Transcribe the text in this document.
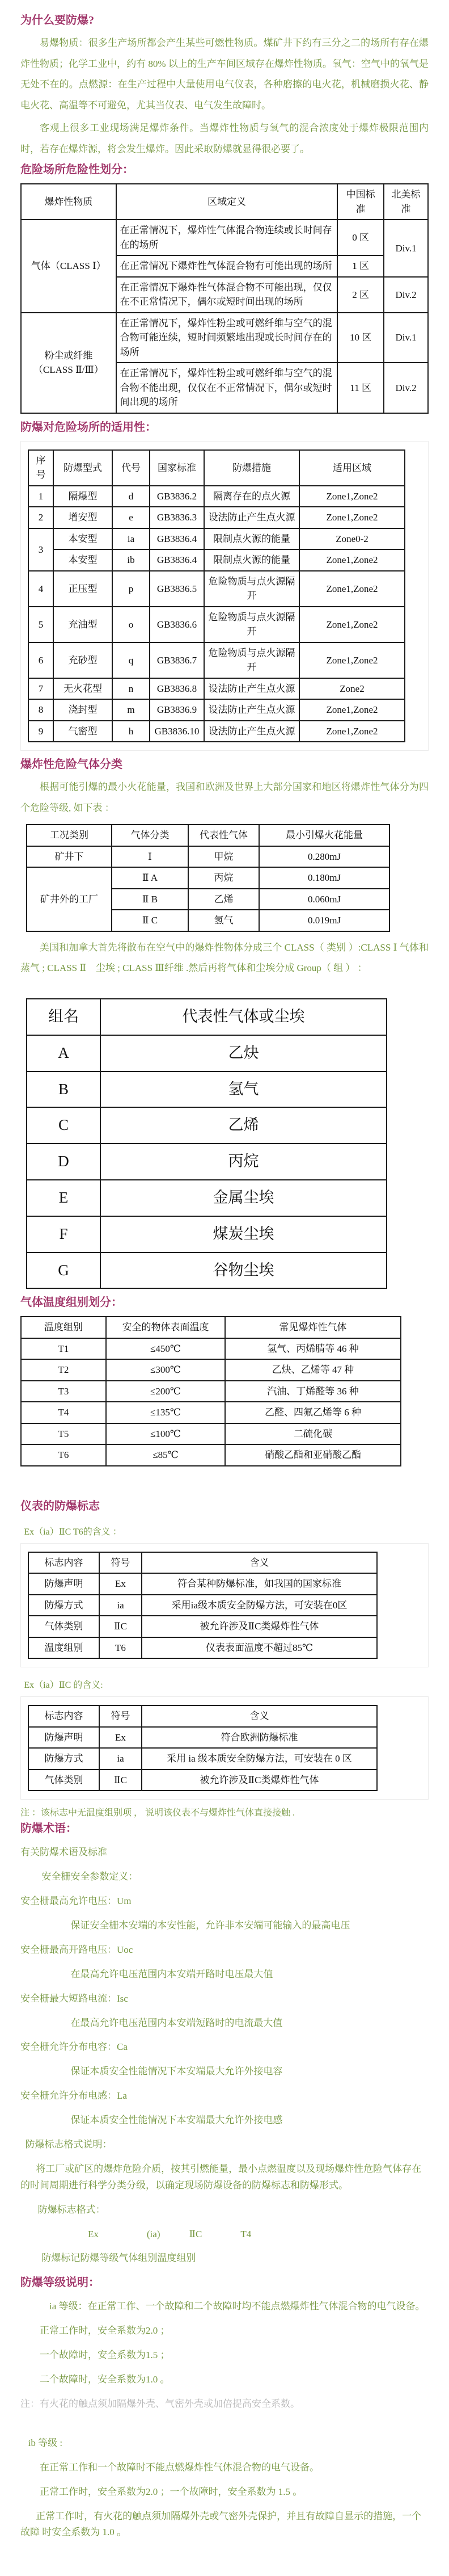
为什么要防爆?

易爆物质：很多生产场所都会产生某些可燃性物质。煤矿井下约有三分之二的场所有存在爆炸性物质；化学工业中，约有 80% 以上的生产车间区域存在爆炸性物质。氧气：空气中的氧气是无处不在的。点燃源：在生产过程中大量使用电气仪表，各种磨擦的电火花，机械磨损火花、静电火花、高温等不可避免，尤其当仪表、电气发生故障时。

客观上很多工业现场满足爆炸条件。当爆炸性物质与氧气的混合浓度处于爆炸极限范围内时，若存在爆炸源，将会发生爆炸。因此采取防爆就显得很必要了。

危险场所危险性划分：
爆炸性物质	区域定义	中国标准	北美标准
气体（CLASS Ⅰ）	在正常情况下，爆炸性气体混合物连续或长时间存在的场所	0 区	Div.1
	在正常情况下爆炸性气体混合物有可能出现的场所	1 区	
	在正常情况下爆炸性气体混合物不可能出现，仅仅在不正常情况下，偶尔或短时间出现的场所	2 区	Div.2
粉尘或纤维（CLASS Ⅱ/Ⅲ）	在正常情况下，爆炸性粉尘或可燃纤维与空气的混合物可能连续，短时间频繁地出现或长时间存在的场所	10 区	Div.1
	在正常情况下，爆炸性粉尘或可燃纤维与空气的混合物不能出现，仅仅在不正常情况下，偶尔或短时间出现的场所	11 区	Div.2
防爆对危险场所的适用性：
序号	防爆型式	代号	国家标准	防爆措施	适用区域
1	隔爆型	d	GB3836.2	隔离存在的点火源	Zone1,Zone2
2	增安型	e	GB3836.3	设法防止产生点火源	Zone1,Zone2
3	本安型	ia	GB3836.4	限制点火源的能量	Zone0-2
	本安型	ib	GB3836.4	限制点火源的能量	Zone1,Zone2
4	正压型	p	GB3836.5	危险物质与点火源隔开	Zone1,Zone2
5	充油型	o	GB3836.6	危险物质与点火源隔开	Zone1,Zone2
6	充砂型	q	GB3836.7	危险物质与点火源隔开	Zone1,Zone2
7	无火花型	n	GB3836.8	设法防止产生点火源	Zone2
8	浇封型	m	GB3836.9	设法防止产生点火源	Zone1,Zone2
9	气密型	h	GB3836.10	设法防止产生点火源	Zone1,Zone2
爆炸性危险气体分类

根据可能引爆的最小火花能量，我国和欧洲及世界上大部分国家和地区将爆炸性气体分为四个危险等级, 如下表 ：

工况类别	气体分类	代表性气体	最小引爆火花能量
矿井下	Ⅰ	甲烷	0.280mJ
矿井外的工厂	Ⅱ A	丙烷	0.180mJ
	Ⅱ B	乙烯	0.060mJ
	Ⅱ C	氢气	0.019mJ

美国和加拿大首先将散布在空气中的爆炸性物体分成三个 CLASS（ 类别 ）:CLASS Ⅰ 气体和蒸气 ; CLASS Ⅱ　尘埃 ; CLASS Ⅲ纤维 .然后再将气体和尘埃分成 Group（ 组 ） ：

组名	代表性气体或尘埃
A	乙炔
B	氢气
C	乙烯
D	丙烷
E	金属尘埃
F	煤炭尘埃
G	谷物尘埃
气体温度组别划分：
温度组别	安全的物体表面温度	常见爆炸性气体
T1	≤450℃	氢气、丙烯腈等 46 种
T2	≤300℃	乙炔、乙烯等 47 种
T3	≤200℃	汽油、丁烯醛等 36 种
T4	≤135℃	乙醛、四氟乙烯等 6 种
T5	≤100℃	二硫化碳
T6	≤85℃	硝酸乙酯和亚硝酸乙酯
仪表的防爆标志
Ex（ia）ⅡC T6的含义 ：
标志内容	符号	含义
防爆声明	Ex	符合某种防爆标准，如我国的国家标准
防爆方式	ia	采用ia级本质安全防爆方法，可安装在0区
气体类别	ⅡC	被允许涉及ⅡC类爆炸性气体
温度组别	T6	仪表表面温度不超过85℃
Ex（ia）ⅡC 的含义:
标志内容	符号	含义
防爆声明	Ex	符合欧洲防爆标准
防爆方式	ia	采用 ia 级本质安全防爆方法，可安装在 0 区
气体类别	ⅡC	被允许涉及ⅡC类爆炸性气体
注 ：该标志中无温度组别项 ， 说明该仪表不与爆炸性气体直接接触 .
防爆术语：
有关防爆术语及标准
安全栅安全参数定义：
安全栅最高允许电压：Um
保证安全栅本安端的本安性能，允许非本安端可能输入的最高电压
安全栅最高开路电压：Uoc
在最高允许电压范围内本安端开路时电压最大值
安全栅最大短路电流：Isc
在最高允许电压范围内本安端短路时的电流最大值
安全栅允许分布电容：Ca
保证本质安全性能情况下本安端最大允许外接电容
安全栅允许分布电感：La
保证本质安全性能情况下本安端最大允许外接电感
防爆标志格式说明：
将工厂或矿区的爆炸危险介质，按其引燃能量，最小点燃温度以及现场爆炸性危险气体存在的时间周期进行科学分类分级，以确定现场防爆设备的防爆标志和防爆形式。
防爆标志格式：
Ex　　　　　(ia)　　　ⅡC　　　　T4
防爆标记防爆等级气体组别温度组别
防爆等级说明：
ia 等级：在正常工作、一个故障和二个故障时均不能点燃爆炸性气体混合物的电气设备。
正常工作时，安全系数为2.0 ；
一个故障时，安全系数为1.5 ；
二个故障时，安全系数为1.0 。
注：有火花的触点须加隔爆外壳、气密外壳或加倍提高安全系数。
ib 等级 :
在正常工作和一个故障时不能点燃爆炸性气体混合物的电气设备。
正常工作时，安全系数为2.0 ；一个故障时，安全系数为 1.5 。
正常工作时，有火花的触点须加隔爆外壳或气密外壳保护，并且有故障自显示的措施，一个故障 时安全系数为 1.0 。
